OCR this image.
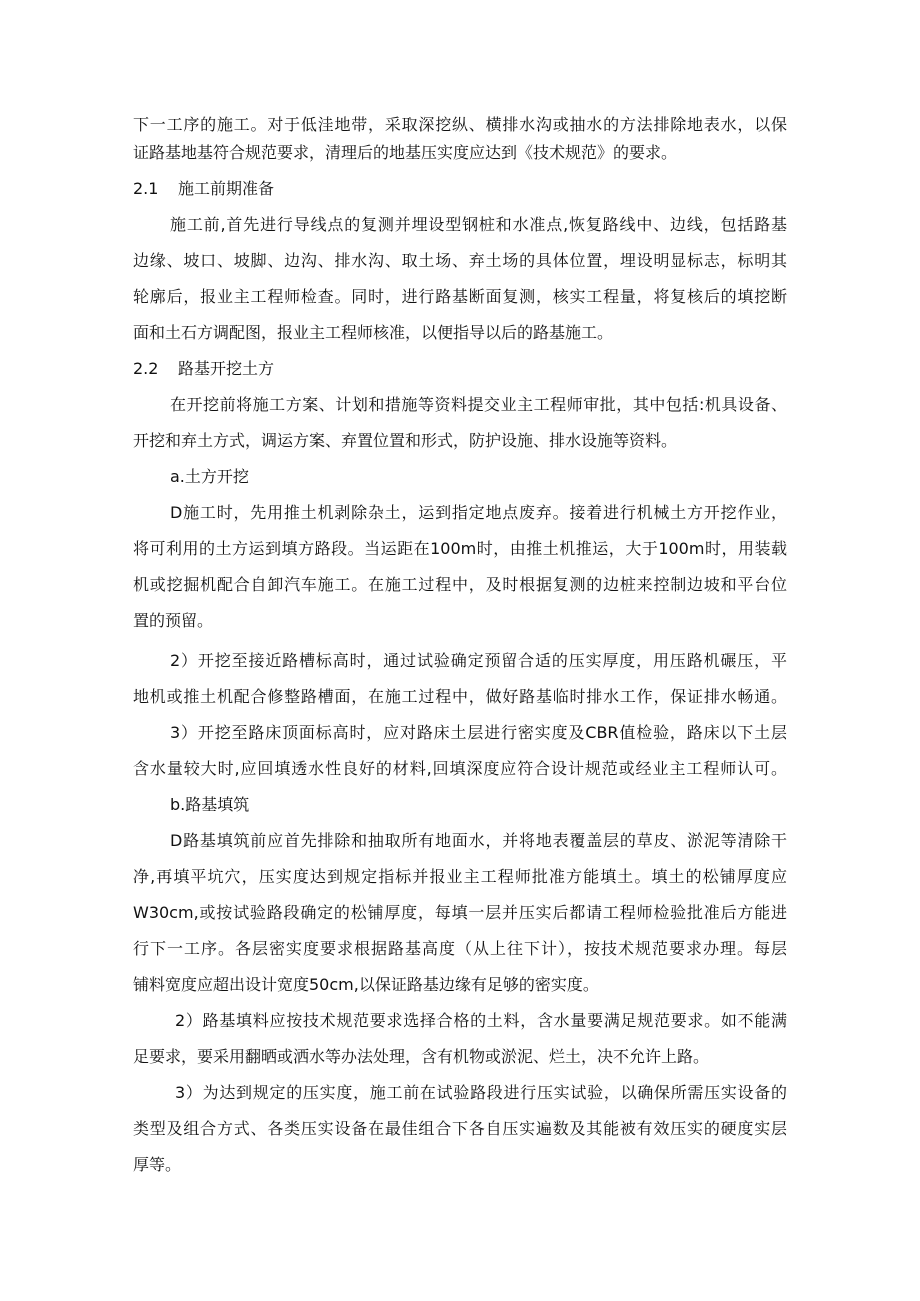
下一工序的施工。对于低洼地带，采取深挖纵、横排水沟或抽水的方法排除地表水，以保
证路基地基符合规范要求，清理后的地基压实度应达到《技术规范》的要求。
2.1 施工前期准备
施工前,首先进行导线点的复测并埋设型钢桩和水准点,恢复路线中、边线，包括路基
边缘、坡口、坡脚、边沟、排水沟、取土场、弃土场的具体位置，埋设明显标志，标明其
轮廓后，报业主工程师检查。同时，进行路基断面复测，核实工程量，将复核后的填挖断
面和土石方调配图，报业主工程师核准，以便指导以后的路基施工。
2.2 路基开挖土方
在开挖前将施工方案、计划和措施等资料提交业主工程师审批，其中包括:机具设备、
开挖和弃土方式，调运方案、弃置位置和形式，防护设施、排水设施等资料。
a.土方开挖
D施工时，先用推土机剥除杂土，运到指定地点废弃。接着进行机械土方开挖作业，
将可利用的土方运到填方路段。当运距在100m时，由推土机推运，大于100m时，用装载
机或挖掘机配合自卸汽车施工。在施工过程中，及时根据复测的边桩来控制边坡和平台位
置的预留。
2）开挖至接近路槽标高时，通过试验确定预留合适的压实厚度，用压路机碾压，平
地机或推土机配合修整路槽面，在施工过程中，做好路基临时排水工作，保证排水畅通。
3）开挖至路床顶面标高时，应对路床土层进行密实度及CBR值检验，路床以下土层
含水量较大时,应回填透水性良好的材料,回填深度应符合设计规范或经业主工程师认可。
b.路基填筑
D路基填筑前应首先排除和抽取所有地面水，并将地表覆盖层的草皮、淤泥等清除干
净,再填平坑穴，压实度达到规定指标并报业主工程师批准方能填土。填土的松铺厚度应
W30cm,或按试验路段确定的松铺厚度，每填一层并压实后都请工程师检验批准后方能进
行下一工序。各层密实度要求根据路基高度（从上往下计），按技术规范要求办理。每层
铺料宽度应超出设计宽度50cm,以保证路基边缘有足够的密实度。
2）路基填料应按技术规范要求选择合格的土料，含水量要满足规范要求。如不能满
足要求，要采用翻晒或洒水等办法处理，含有机物或淤泥、烂土，决不允许上路。
3）为达到规定的压实度，施工前在试验路段进行压实试验，以确保所需压实设备的
类型及组合方式、各类压实设备在最佳组合下各自压实遍数及其能被有效压实的硬度实层
厚等。
